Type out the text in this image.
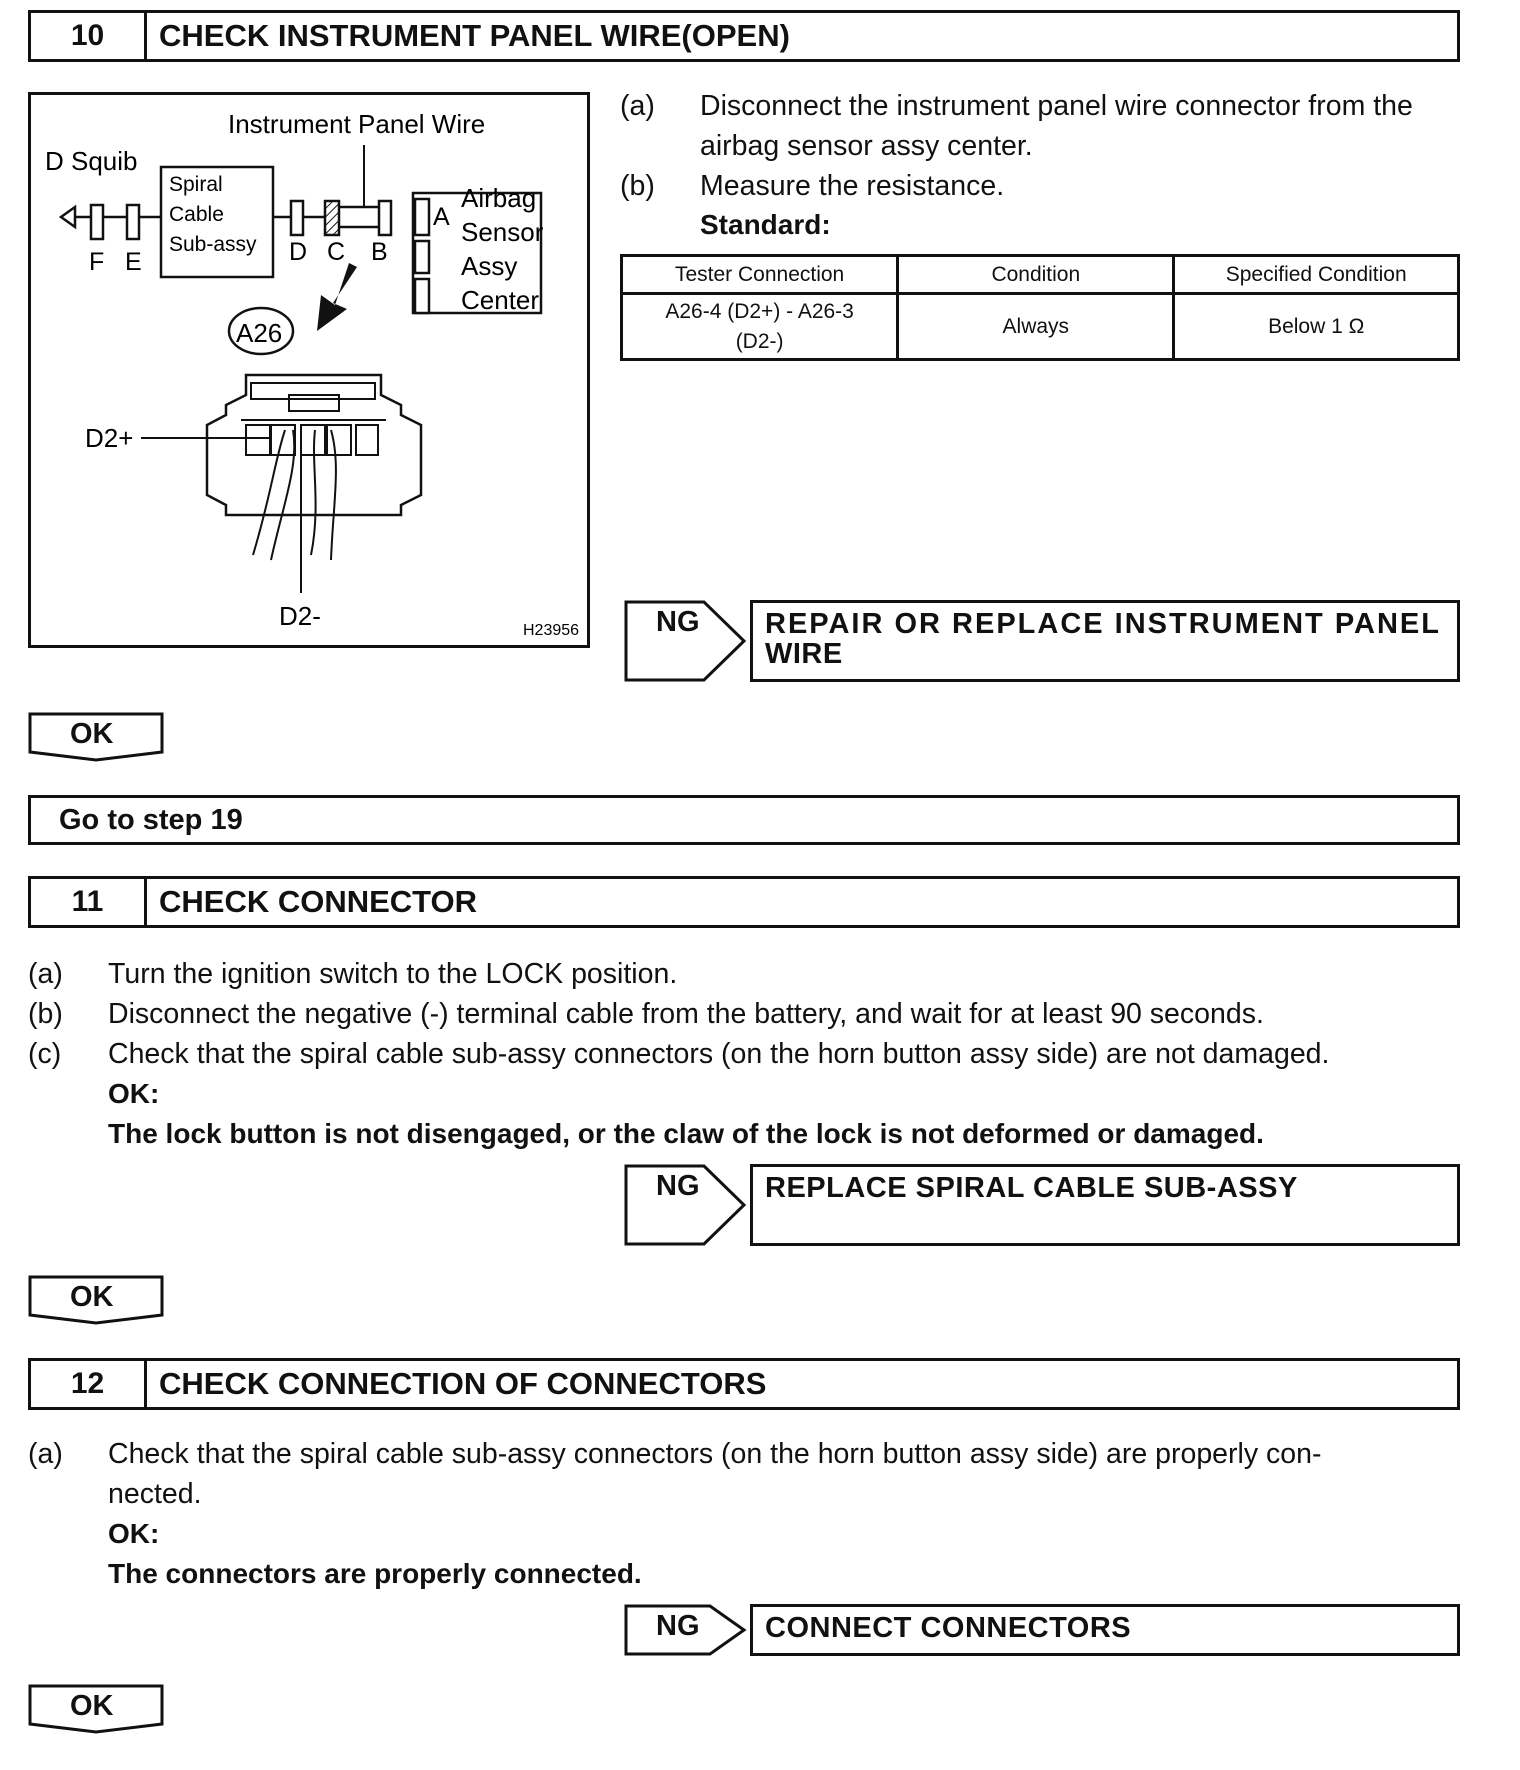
10	CHECK INSTRUMENT PANEL WIRE(OPEN)
Instrument Panel Wire
D Squib
F E
Spiral
Cable
Sub-assy D C B
A
Airbag
Sensor
Assy
Center
A26
D2+
D2-	H23956
(a) Disconnect the instrument panel wire connector from the
airbag sensor assy center.
(b) Measure the resistance.
Standard:
Tester Connection	Condition	Specified Condition
A26-4 (D2+) - A26-3
(D2-)	Always	Below 1 Ω
NG REPAIR OR REPLACE INSTRUMENT PANEL
WIRE
OK
Go to step 19
11	CHECK CONNECTOR
(a) Turn the ignition switch to the LOCK position.
(b) Disconnect the negative (-) terminal cable from the battery, and wait for at least 90 seconds.
(c) Check that the spiral cable sub-assy connectors (on the horn button assy side) are not damaged.
OK:
The lock button is not disengaged, or the claw of the lock is not deformed or damaged.
NG	REPLACE SPIRAL CABLE SUB-ASSY
OK
12	CHECK CONNECTION OF CONNECTORS
(a) Check that the spiral cable sub-assy connectors (on the horn button assy side) are properly con-
nected.
OK:
The connectors are properly connected.
NG	CONNECT CONNECTORS
OK
